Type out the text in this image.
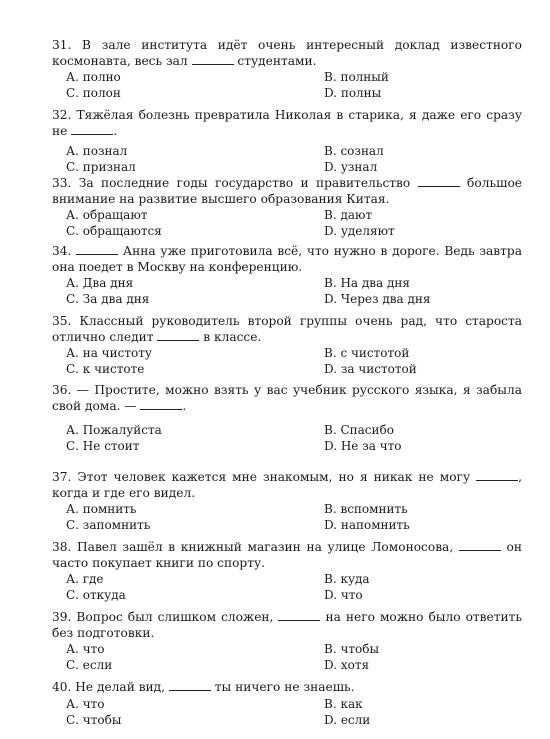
31. В зале института идёт очень интересный доклад известного космонавта, весь зал	студентами.
А. полно	В. полный
С. полон	D. полны
32. Тяжёлая болезнь превратила Николая в старика, я даже его сразу не	.
А. познал	В. сознал
С. признал	D. узнал
33. За последние годы государство и правительство	большое внимание на развитие высшего образования Китая.
А. обращают	В. дают
С. обращаются	D. уделяют
34.	Анна уже приготовила всё, что нужно в дороге. Ведь завтра она поедет в Москву на конференцию.
А. Два дня	В. На два дня
С. За два дня	D. Через два дня
35. Классный руководитель второй группы очень рад, что староста отлично следит	в классе.
А. на чистоту	В. с чистотой
С. к чистоте	D. за чистотой
36. — Простите, можно взять у вас учебник русского языка, я забыла свой дома. —	.
А. Пожалуйста	В. Спасибо
С. Не стоит	D. Не за что
37. Этот человек кажется мне знакомым, но я никак не могу	, когда и где его видел.
А. помнить	В. вспомнить
С. запомнить	D. напомнить
38. Павел зашёл в книжный магазин на улице Ломоносова,	он часто покупает книги по спорту.
А. где	В. куда
С. откуда	D. что
39. Вопрос был слишком сложен,	на него можно было ответить без подготовки.
А. что	В. чтобы
С. если	D. хотя
40. Не делай вид,	ты ничего не знаешь.
А. что	В. как
С. чтобы	D. если
